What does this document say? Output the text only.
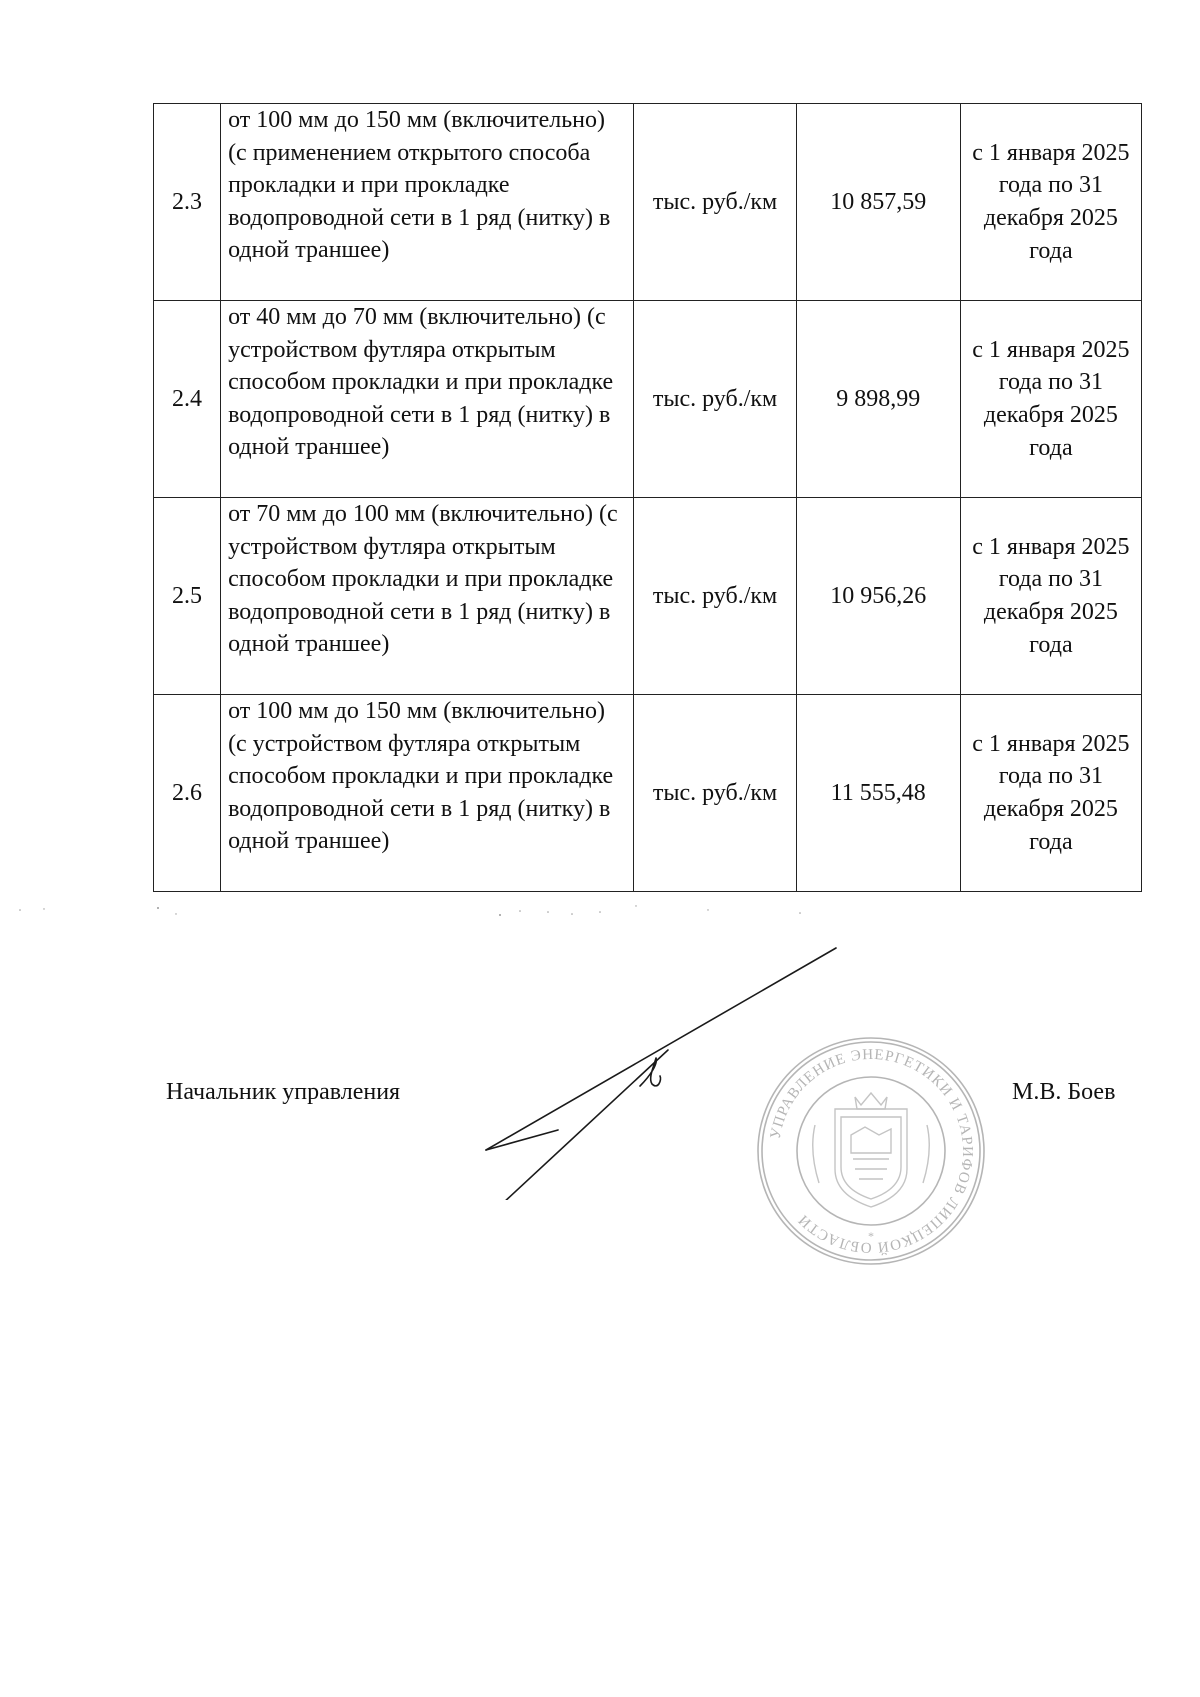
2.3	от 100 мм до 150 мм (включительно) (с применением открытого способа прокладки и при прокладке водопроводной сети в 1 ряд (нитку) в одной траншее)	тыс. руб./км	10 857,59	с 1 января 2025 года по 31 декабря 2025 года
2.4	от 40 мм до 70 мм (включительно) (с устройством футляра открытым способом прокладки и при прокладке водопроводной сети в 1 ряд (нитку) в одной траншее)	тыс. руб./км	9 898,99	с 1 января 2025 года по 31 декабря 2025 года
2.5	от 70 мм до 100 мм (включительно) (с устройством футляра открытым способом прокладки и при прокладке водопроводной сети в 1 ряд (нитку) в одной траншее)	тыс. руб./км	10 956,26	с 1 января 2025 года по 31 декабря 2025 года
2.6	от 100 мм до 150 мм (включительно) (с устройством футляра открытым способом прокладки и при прокладке водопроводной сети в 1 ряд (нитку) в одной траншее)	тыс. руб./км	11 555,48	с 1 января 2025 года по 31 декабря 2025 года
Начальник управления	М.В. Боев
УПРАВЛЕНИЕ ЭНЕРГЕТИКИ И ТАРИФОВ ЛИПЕЦКОЙ ОБЛАСТИ
*
